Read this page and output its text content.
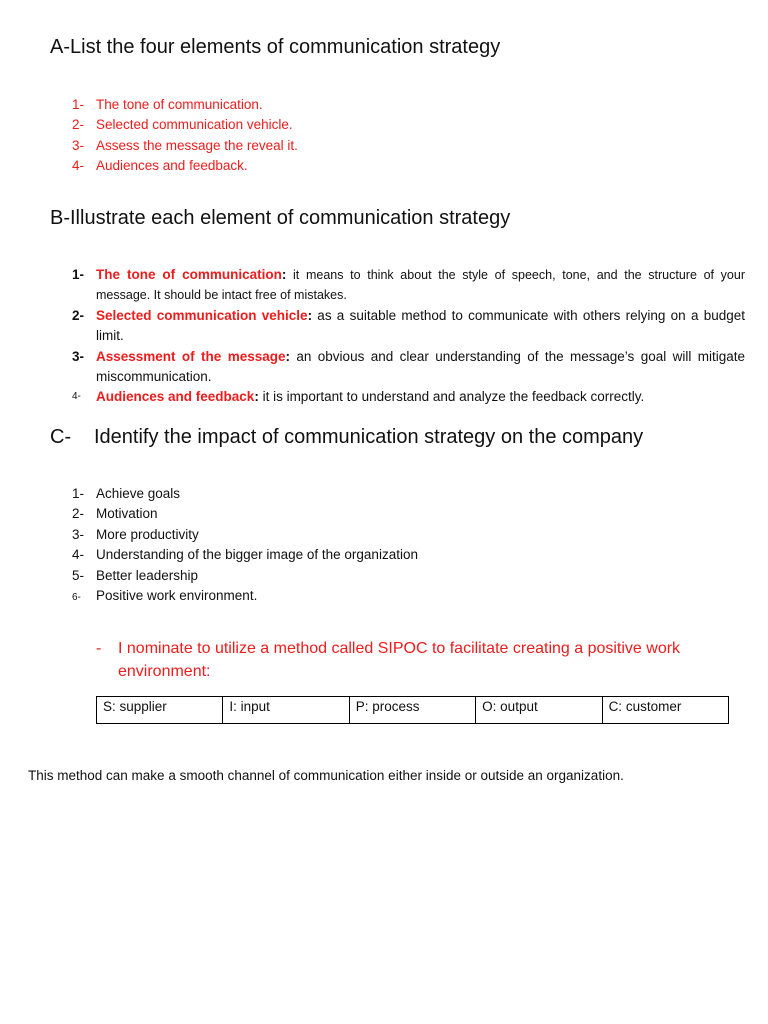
A-List the four elements of communication strategy
1- The tone of communication.
2- Selected communication vehicle.
3- Assess the message the reveal it.
4- Audiences and feedback.
B-Illustrate each element of communication strategy
1- The tone of communication: it means to think about the style of speech, tone, and the structure of your message. It should be intact free of mistakes.
2- Selected communication vehicle: as a suitable method to communicate with others relying on a budget limit.
3- Assessment of the message: an obvious and clear understanding of the message’s goal will mitigate miscommunication.
4-	Audiences and feedback: it is important to understand and analyze the feedback correctly.
C- Identify the impact of communication strategy on the company
1- Achieve goals
2- Motivation
3- More productivity
4- Understanding of the bigger image of the organization
5- Better leadership
6- Positive work environment.
-	I nominate to utilize a method called SIPOC to facilitate creating a positive work environment:
S: supplier	I: input	P: process	O: output	C: customer

This method can make a smooth channel of communication either inside or outside an organization.
